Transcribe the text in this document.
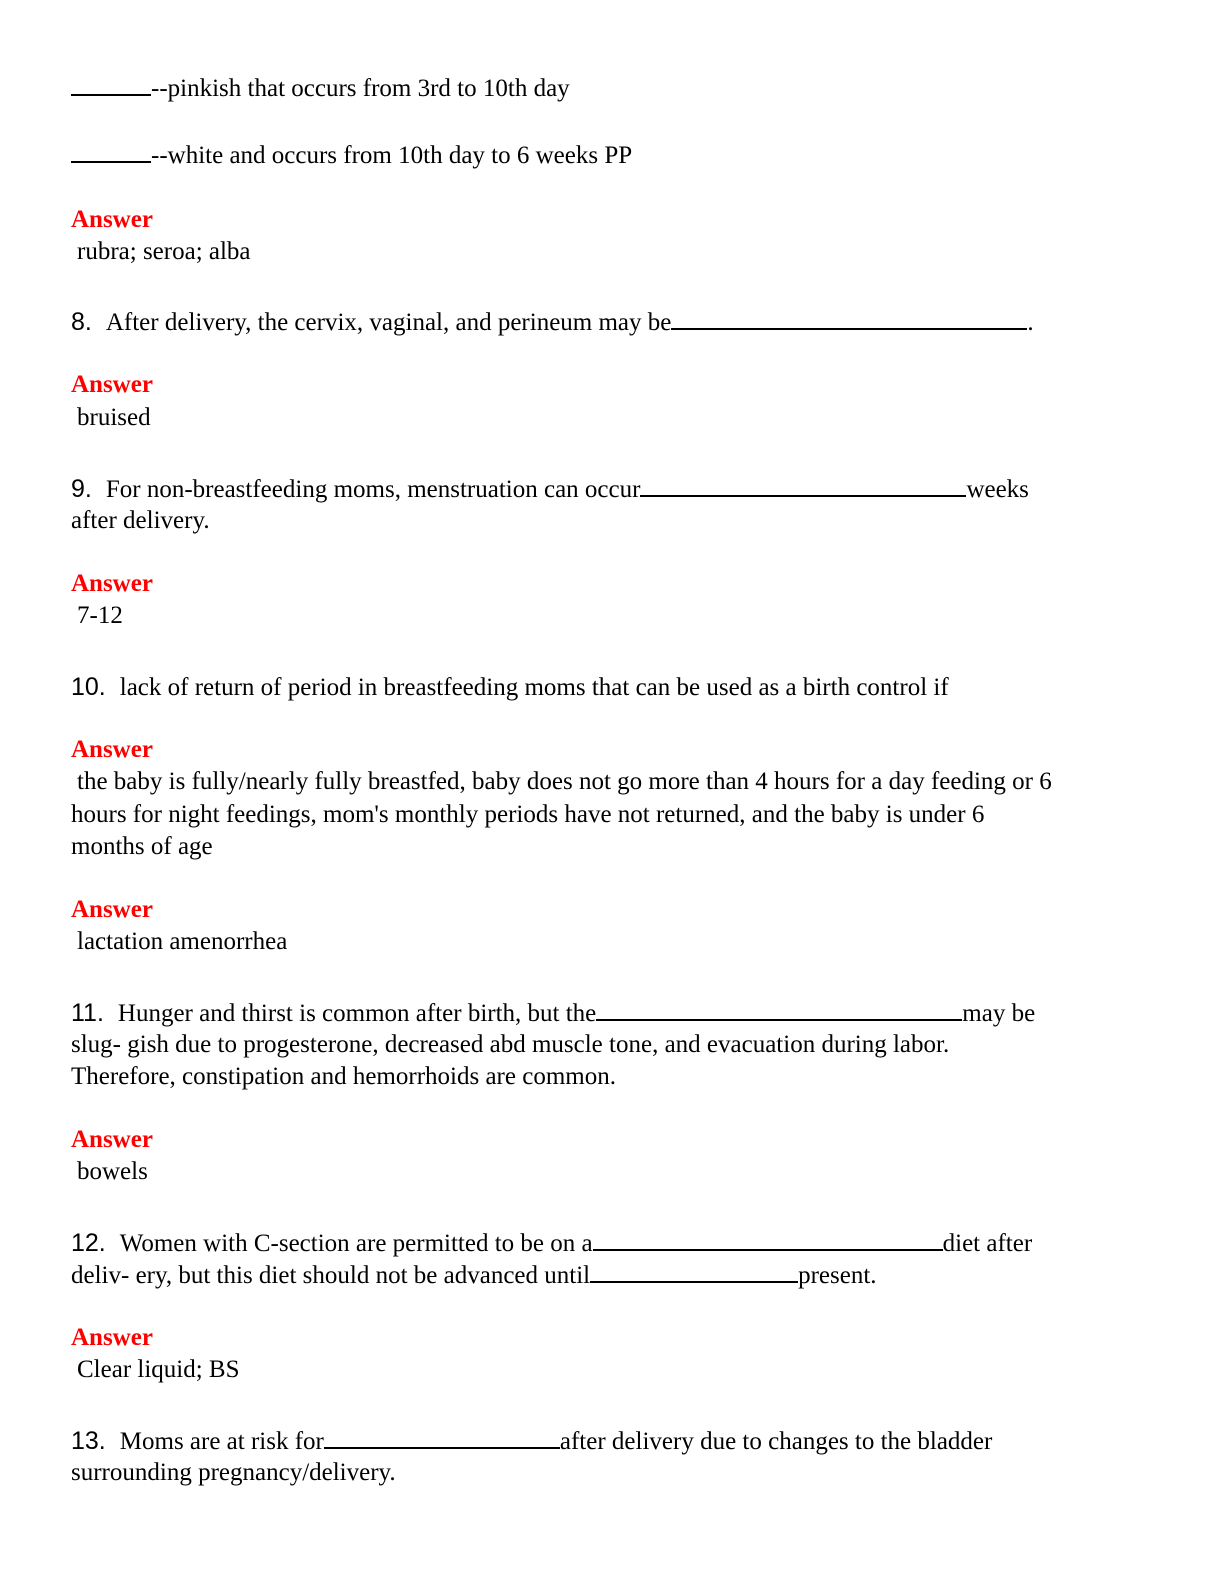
--pinkish that occurs from 3rd to 10th day
--white and occurs from 10th day to 6 weeks PP
Answer
rubra; seroa; alba
8. After delivery, the cervix, vaginal, and perineum may be	.
Answer
bruised
9. For non-breastfeeding moms, menstruation can occur	weeks
after delivery.
Answer
7-12
10. lack of return of period in breastfeeding moms that can be used as a birth control if
Answer
the baby is fully/nearly fully breastfed, baby does not go more than 4 hours for a day feeding or 6
hours for night feedings, mom's monthly periods have not returned, and the baby is under 6
months of age
Answer
lactation amenorrhea
11. Hunger and thirst is common after birth, but the	may be
slug- gish due to progesterone, decreased abd muscle tone, and evacuation during labor.
Therefore, constipation and hemorrhoids are common.
Answer
bowels
12. Women with C-section are permitted to be on a	diet after
deliv- ery, but this diet should not be advanced until	present.
Answer
Clear liquid; BS
13. Moms are at risk for	after delivery due to changes to the bladder
surrounding pregnancy/delivery.
